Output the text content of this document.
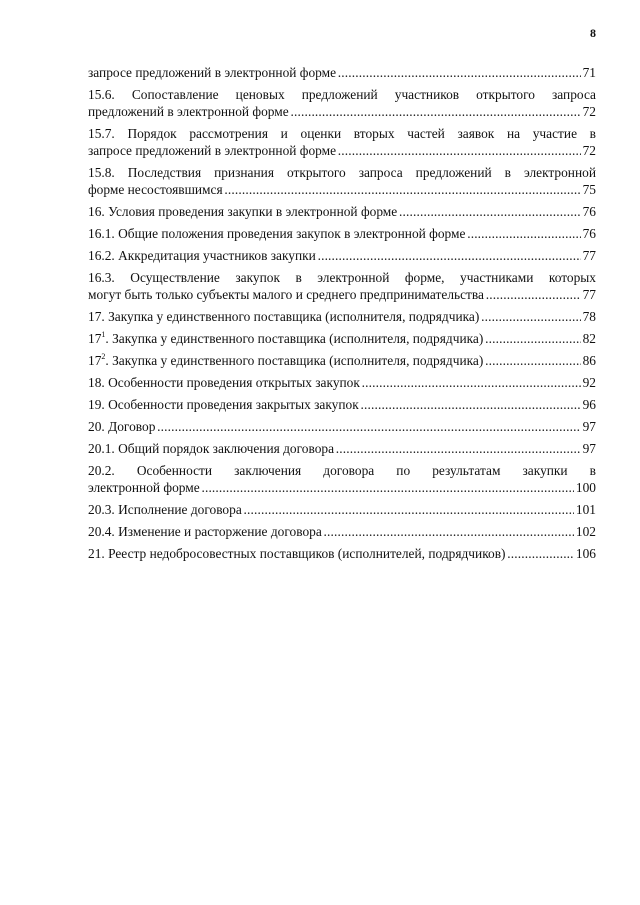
8
запросе предложений в электронной форме . . .	71
15.6. Сопоставление ценовых предложений участников открытого запроса
предложений в электронной форме . . .	72
15.7. Порядок рассмотрения и оценки вторых частей заявок на участие в
запросе предложений в электронной форме . . .	72
15.8. Последствия признания открытого запроса предложений в электронной
форме несостоявшимся . . .	75
16. Условия проведения закупки в электронной форме . . .	76
16.1. Общие положения проведения закупок в электронной форме . . .	76
16.2. Аккредитация участников закупки . . .	77
16.3. Осуществление закупок в электронной форме, участниками которых
могут быть только субъекты малого и среднего предпринимательства . . .	77
17. Закупка у единственного поставщика (исполнителя, подрядчика) . . .	78
$17^1$. Закупка у единственного поставщика (исполнителя, подрядчика) . . .	82
$17^2$. Закупка у единственного поставщика (исполнителя, подрядчика) . . .	86
18. Особенности проведения открытых закупок . . .	92
19. Особенности проведения закрытых закупок . . .	96
20. Договор . . .	97
20.1. Общий порядок заключения договора . . .	97
20.2. Особенности заключения договора по результатам закупки в
электронной форме . . .	100
20.3. Исполнение договора . . .	101
20.4. Изменение и расторжение договора . . .	102
21. Реестр недобросовестных поставщиков (исполнителей, подрядчиков) . . .	106
